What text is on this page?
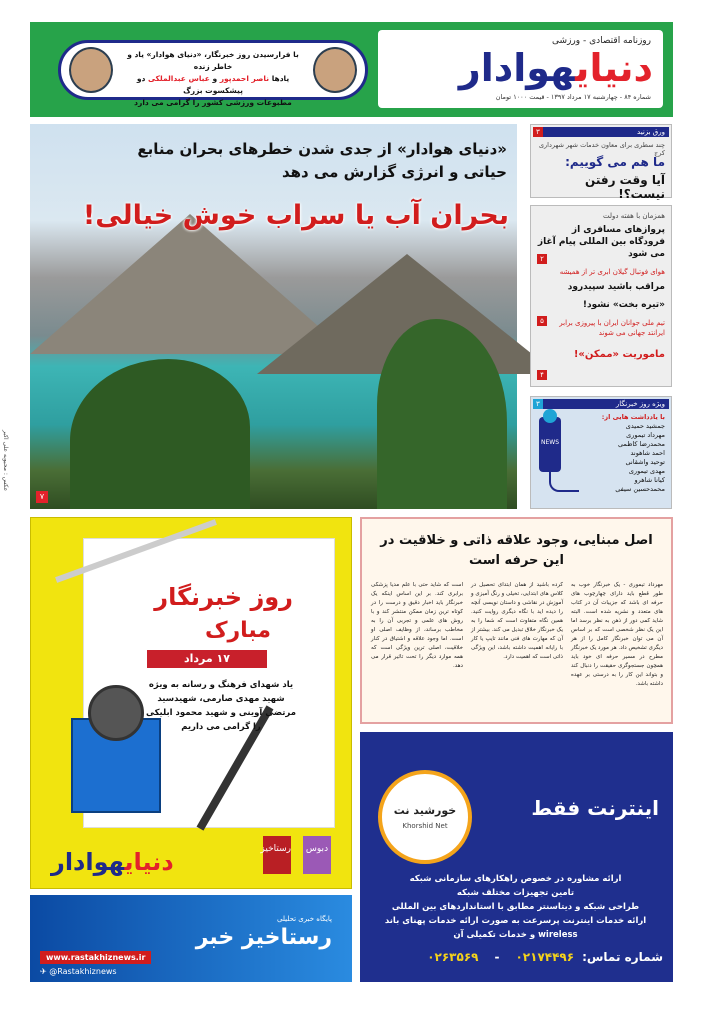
روزنامه اقتصادی - ورزشی
دنیایهوادار
شماره ۸۴ - چهارشنبه ۱۷ مرداد ۱۳۹۷ - قیمت ۱۰۰۰ تومان
با فرارسیدن روز خبرنگار، «دنیای هوادار» یاد و خاطر زنده
یادها ناصر احمدپور و عباس عبدالملکی دو پیشکسوت بزرگ
مطبوعات ورزشی کشور را گرامی می دارد
«دنیای هوادار» از جدی شدن خطرهای بحران منابع حیاتی و انرژی گزارش می دهد
بحران آب یا سراب خوش خیالی!
۷
عکس : محبوبه علی اکبر
ورق بزنید
۳
چند سطری برای معاون خدمات شهر شهرداری کرج
ما هم می گوییم:
آیا وقت رفتن نیست؟!
همزمان با هفته دولت
پروازهای مسافری از فرودگاه بین المللی پیام آغاز می شود
۲
هوای فوتبال گیلان ابری تر از همیشه
مراقب باشید سپیدرود
«تیره بخت» نشود!
۵	تیم ملی جوانان ایران با پیروزی برابر ایرانتد جهانی می شوند
ماموریت «ممکن»!
۴
ویژه روز خبرنگار
۳
با یادداشت هایی از:
جمشید حمیدی
مهرداد تیموری
محمدرضا کاظمی
احمد شاهوند
توحید واشقانی
مهدی تیموری
کیانا شاهرو
محمدحسین سیفی
NEWS
روز خبرنگار
مبارک
۱۷ مرداد
یاد شهدای فرهنگ و رسانه به ویژه شهید مهدی صارمی، شهیدسید مرتضی آوینی و شهید محمود ابلیکی را گرامی می داریم
دنیایهوادار	رستاخیز	دبوس
اصل مبنایی، وجود علاقه ذاتی و خلاقیت در این حرفه است
مهرداد تیموری - یک خبرنگار خوب به طور قطع باید دارای چهارچوب های حرفه ای باشد که جزییات آن در کتاب های متعدد و نشریه شده است. البته شاید کمی دور از ذهن به نظر برسد اما این یک نظر شخصی است که بر اساس آن می توان خبرنگار کامل را از هر دیگری تشخیص داد. هر مورد یک خبرنگار مطرح در مسیر حرفه ای خود باید همچون جستجوگری حقیقت را دنبال کند و بتواند این کار را به درستی بر عهده داشته باشد.
کرده باشید از همان ابتدای تحصیل در کلاس های ابتدایی، تخیلی و رنگ آمیزی و آموزش در نقاشی و داستان نویسی آنچه را دیده اید با نگاه دیگری روایت کنید. همین نگاه متفاوت است که شما را به یک خبرنگار خلاق تبدیل می کند. بیشتر از آن که مهارت های فنی مانند تایپ یا کار با رایانه اهمیت داشته باشد، این ویژگی ذاتی است که اهمیت دارد.
است که شاید حتی با علم مدیا پزشکی برابری کند. بر این اساس اینکه یک خبرنگار باید اخبار دقیق و درست را در کوتاه ترین زمان ممکن منتشر کند و با روش های علمی و تجربی آن را به مخاطب برساند، از وظایف اصلی او است. اما وجود علاقه و اشتیاق در کنار خلاقیت، اصلی ترین ویژگی است که همه موارد دیگر را تحت تاثیر قرار می دهد.
اینترنت فقط
خورشید نت
Khorshid Net
ارائه مشاوره در خصوص راهکارهای سازمانی شبکه
تامین تجهیزات مختلف شبکه
طراحی شبکه و دیتاسنتر مطابق با استانداردهای بین المللی
ارائه خدمات اینترنت پرسرعت به صورت ارائه خدمات پهنای باند wireless و خدمات تکمیلی آن
شماره تماس:۰۲۱۷۴۴۹۶-۰۲۶۳۵۶۹
پایگاه خبری تحلیلی
رستاخیز خبر
www.rastakhiznews.ir
✈ @Rastakhiznews
